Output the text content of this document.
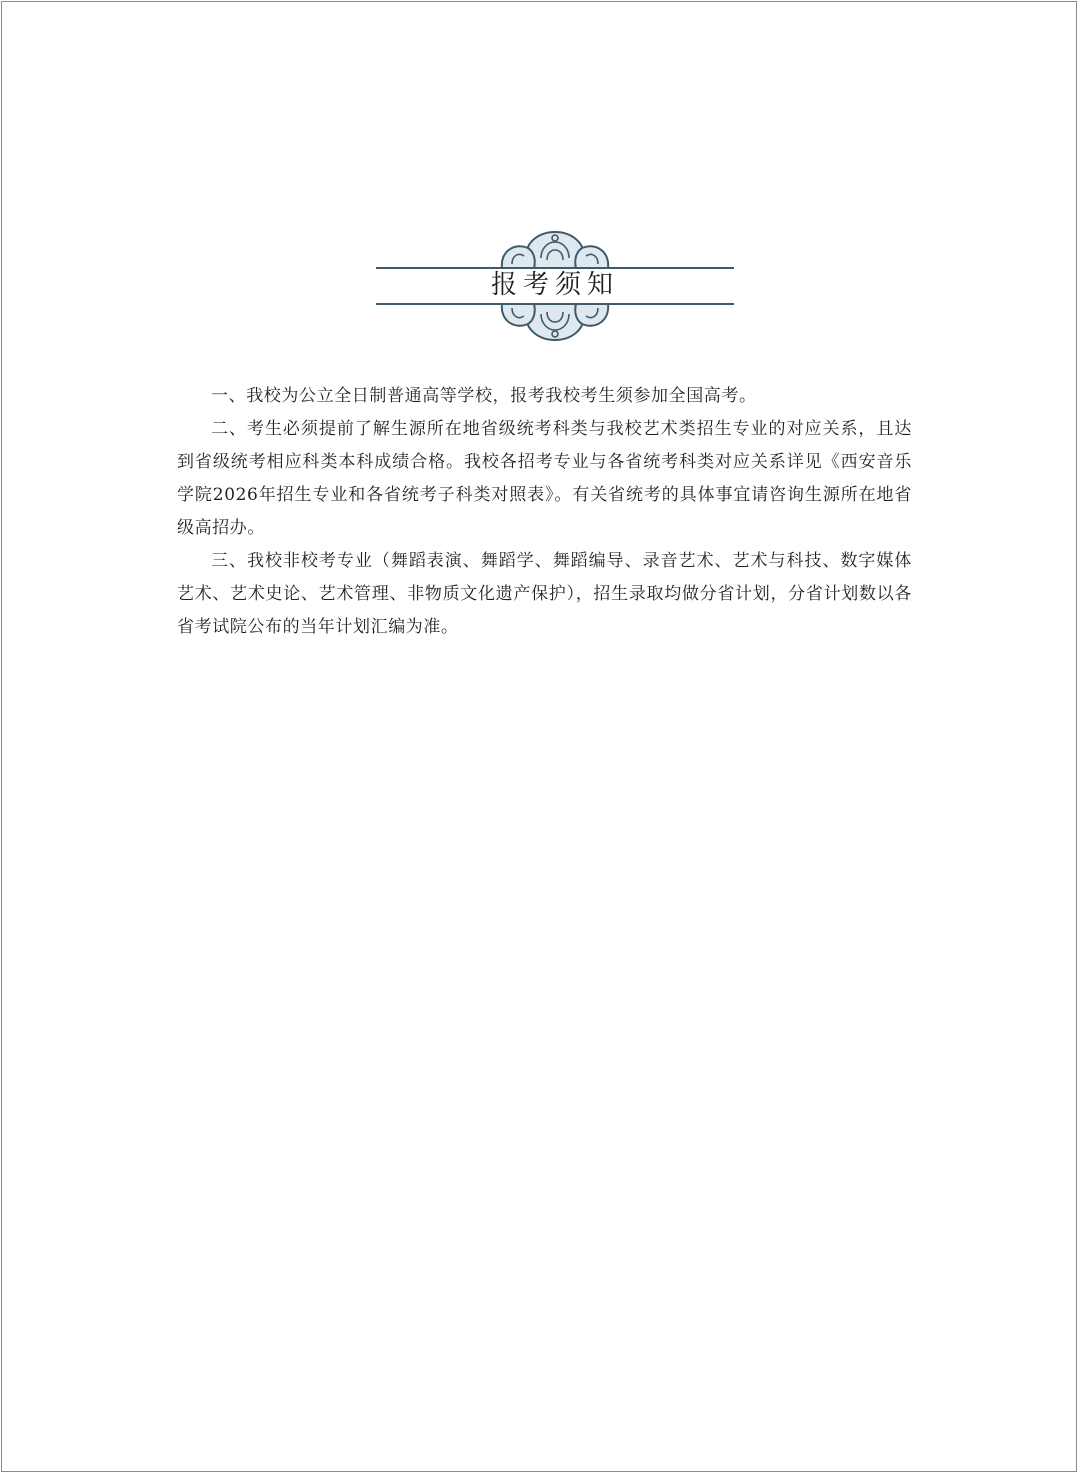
报考须知

一、我校为公立全日制普通高等学校，报考我校考生须参加全国高考。

二、考生必须提前了解生源所在地省级统考科类与我校艺术类招生专业的对应关系，且达到省级统考相应科类本科成绩合格。我校各招考专业与各省统考科类对应关系详见《西安音乐学院2026年招生专业和各省统考子科类对照表》。有关省统考的具体事宜请咨询生源所在地省级高招办。

三、我校非校考专业（舞蹈表演、舞蹈学、舞蹈编导、录音艺术、艺术与科技、数字媒体艺术、艺术史论、艺术管理、非物质文化遗产保护），招生录取均做分省计划，分省计划数以各省考试院公布的当年计划汇编为准。
